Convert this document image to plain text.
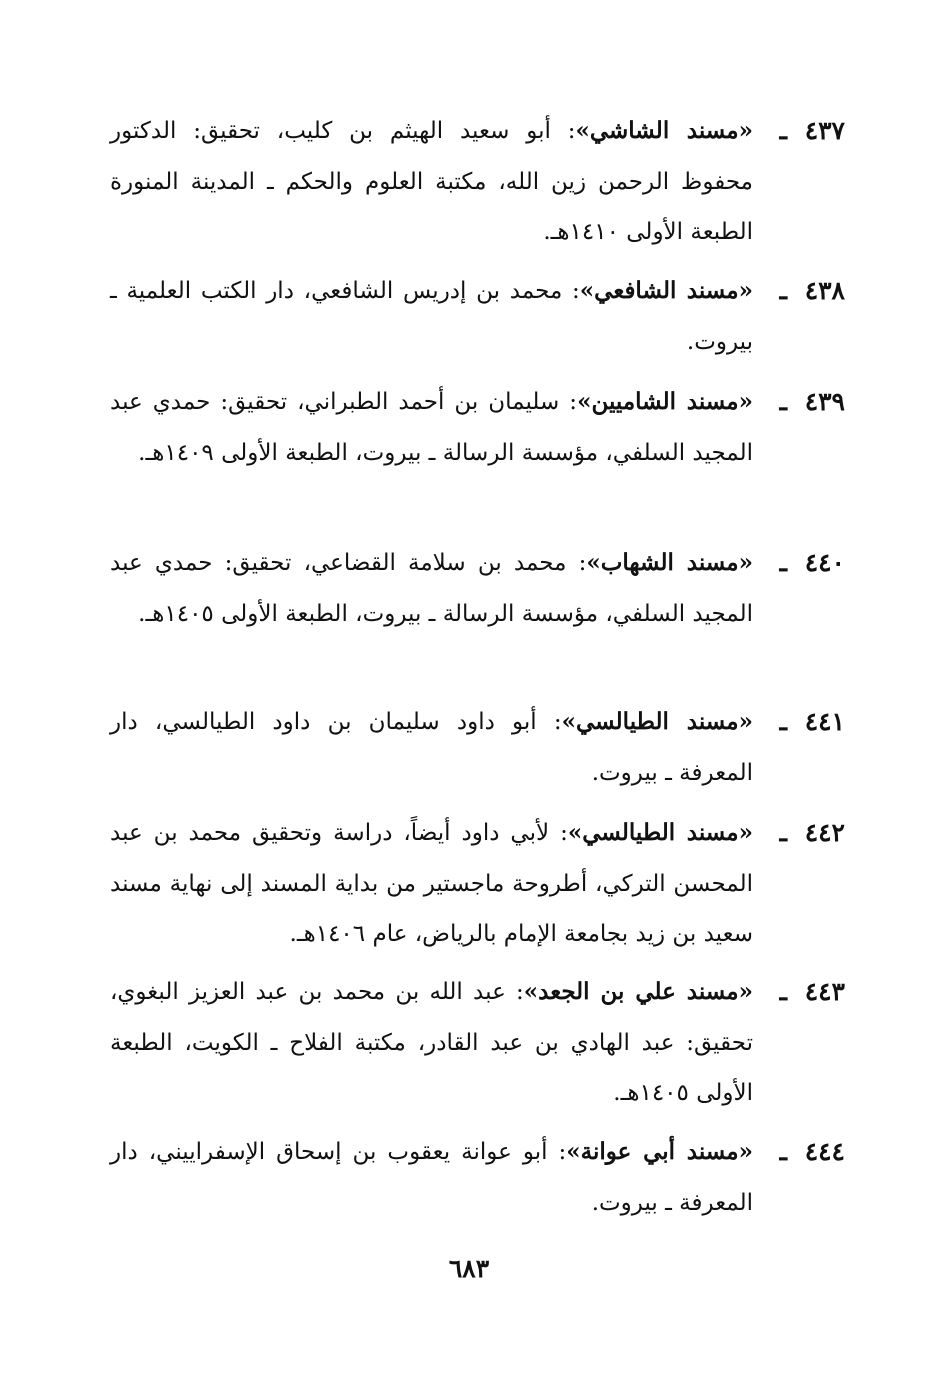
٤٣٧
ـ
«مسند الشاشي»: أبو سعيد الهيثم بن كليب، تحقيق: الدكتور محفوظ الرحمن زين الله، مكتبة العلوم والحكم ـ المدينة المنورة الطبعة الأولى ١٤١٠هـ.
٤٣٨
ـ
«مسند الشافعي»: محمد بن إدريس الشافعي، دار الكتب العلمية ـ بيروت.
٤٣٩
ـ
«مسند الشاميين»: سليمان بن أحمد الطبراني، تحقيق: حمدي عبد المجيد السلفي، مؤسسة الرسالة ـ بيروت، الطبعة الأولى ١٤٠٩هـ.
٤٤٠
ـ
«مسند الشهاب»: محمد بن سلامة القضاعي، تحقيق: حمدي عبد المجيد السلفي، مؤسسة الرسالة ـ بيروت، الطبعة الأولى ١٤٠٥هـ.
٤٤١
ـ
«مسند الطيالسي»: أبو داود سليمان بن داود الطيالسي، دار المعرفة ـ بيروت.
٤٤٢
ـ
«مسند الطيالسي»: لأبي داود أيضاً، دراسة وتحقيق محمد بن عبد المحسن التركي، أطروحة ماجستير من بداية المسند إلى نهاية مسند سعيد بن زيد بجامعة الإمام بالرياض، عام ١٤٠٦هـ.
٤٤٣
ـ
«مسند علي بن الجعد»: عبد الله بن محمد بن عبد العزيز البغوي، تحقيق: عبد الهادي بن عبد القادر، مكتبة الفلاح ـ الكويت، الطبعة الأولى ١٤٠٥هـ.
٤٤٤
ـ
«مسند أبي عوانة»: أبو عوانة يعقوب بن إسحاق الإسفراييني، دار المعرفة ـ بيروت.
٦٨٣
